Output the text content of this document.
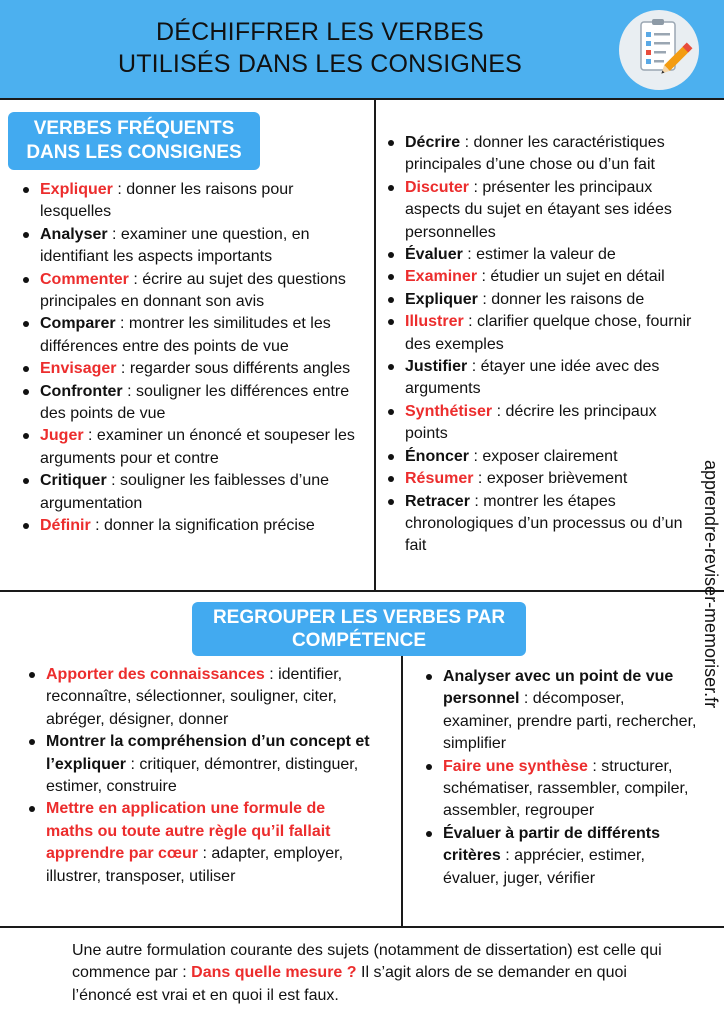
DÉCHIFFRER LES VERBES
UTILISÉS DANS LES CONSIGNES
VERBES FRÉQUENTS
DANS LES CONSIGNES
Expliquer : donner les raisons pour lesquelles
Analyser : examiner une question, en identifiant les aspects importants
Commenter : écrire au sujet des questions principales en donnant son avis
Comparer : montrer les similitudes et les différences entre des points de vue
Envisager : regarder sous différents angles
Confronter : souligner les différences entre des points de vue
Juger : examiner un énoncé et soupeser les arguments pour et contre
Critiquer : souligner les faiblesses d’une argumentation
Définir : donner la signification précise
Décrire : donner les caractéristiques principales d’une chose ou d’un fait
Discuter : présenter les principaux aspects du sujet en étayant ses idées personnelles
Évaluer : estimer la valeur de
Examiner : étudier un sujet en détail
Expliquer : donner les raisons de
Illustrer : clarifier quelque chose, fournir des exemples
Justifier : étayer une idée avec des arguments
Synthétiser : décrire les principaux points
Énoncer : exposer clairement
Résumer : exposer brièvement
Retracer : montrer les étapes chronologiques d’un processus ou d’un fait
REGROUPER LES VERBES PAR
COMPÉTENCE
Apporter des connaissances : identifier, reconnaître, sélectionner, souligner, citer, abréger, désigner, donner
Montrer la compréhension d’un concept et l’expliquer : critiquer, démontrer, distinguer, estimer, construire
Mettre en application une formule de maths ou toute autre règle qu’il fallait apprendre par cœur : adapter, employer, illustrer, transposer, utiliser
Analyser avec un point de vue personnel : décomposer, examiner, prendre parti, rechercher, simplifier
Faire une synthèse : structurer, schématiser, rassembler, compiler, assembler, regrouper
Évaluer à partir de différents critères : apprécier, estimer, évaluer, juger, vérifier
apprendre-reviser-memoriser.fr
Une autre formulation courante des sujets (notamment de dissertation) est celle qui commence par : Dans quelle mesure ? Il s’agit alors de se demander en quoi l’énoncé est vrai et en quoi il est faux.
